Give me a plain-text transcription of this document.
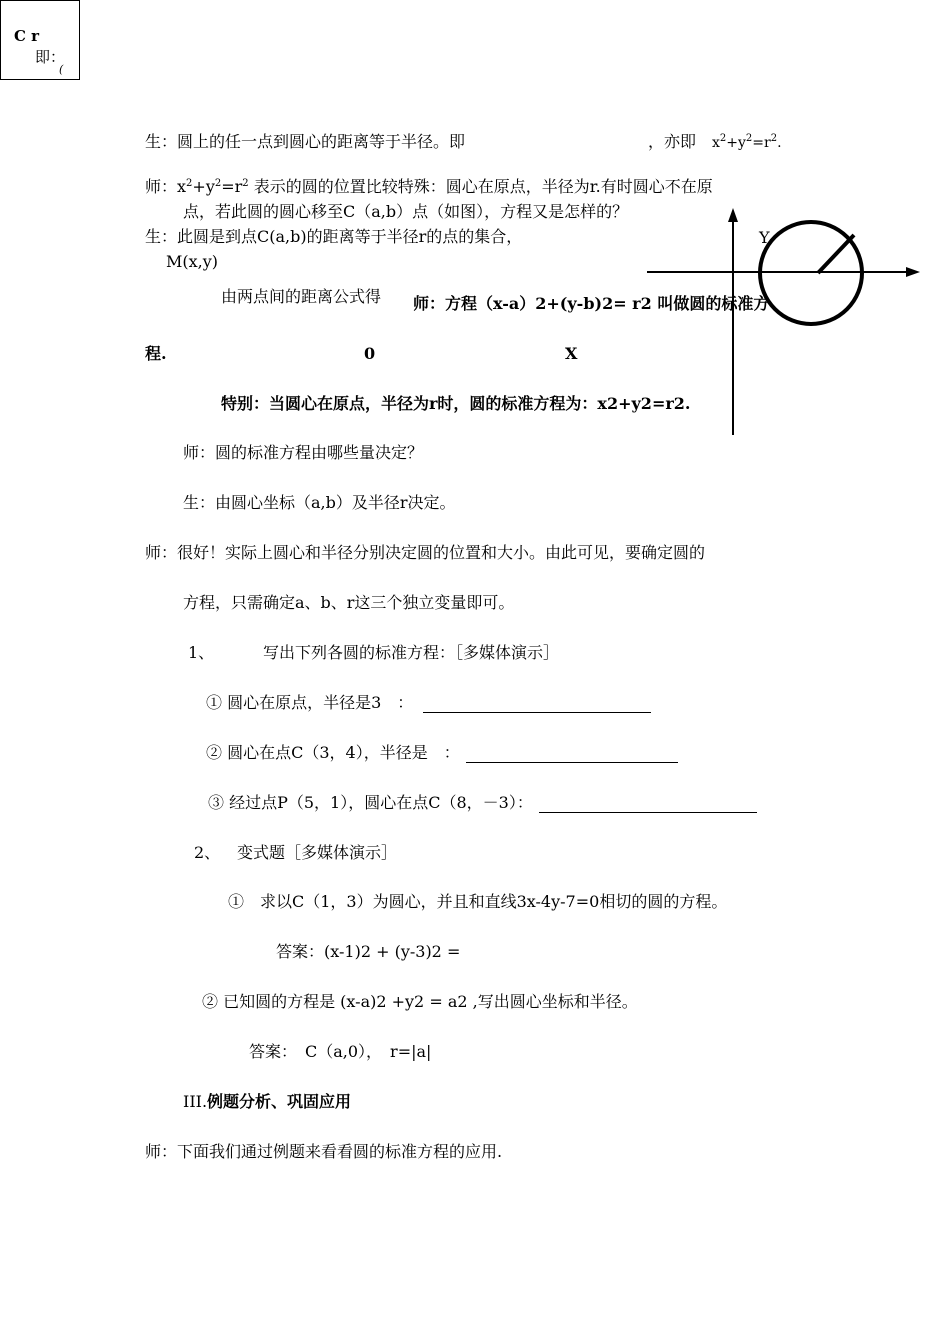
C r
即：
(
Y
生：圆上的任一点到圆心的距离等于半径。即	，亦即 $x^2+y^2=r^2$.
师：$x^2+y^2=r^2$ 表示的圆的位置比较特殊：圆心在原点，半径为r.有时圆心不在原
点，若此圆的圆心移至C（a,b）点（如图），方程又是怎样的？
生：此圆是到点C(a,b)的距离等于半径r的点的集合，
M(x,y)
由两点间的距离公式得 师：方程（x-a）2+(y-b)2= r2 叫做圆的标准方
程.	0	X
特别：当圆心在原点，半径为r时，圆的标准方程为：x2+y2=r2.
师：圆的标准方程由哪些量决定？
生：由圆心坐标（a,b）及半径r决定。
师：很好！实际上圆心和半径分别决定圆的位置和大小。由此可见，要确定圆的
方程，只需确定a、b、r这三个独立变量即可。
1、	写出下列各圆的标准方程：［多媒体演示］
① 圆心在原点，半径是3　：
② 圆心在点C（3，4），半径是　：
③ 经过点P（5，1），圆心在点C（8，－3）：
2、 变式题［多媒体演示］
①　求以C（1，3）为圆心，并且和直线3x-4y-7=0相切的圆的方程。
答案：(x-1)2 + (y-3)2 =
② 已知圆的方程是 (x-a)2 +y2 = a2 ,写出圆心坐标和半径。
答案：　C（a,0），　r=|a|
III.例题分析、巩固应用
师：下面我们通过例题来看看圆的标准方程的应用.
